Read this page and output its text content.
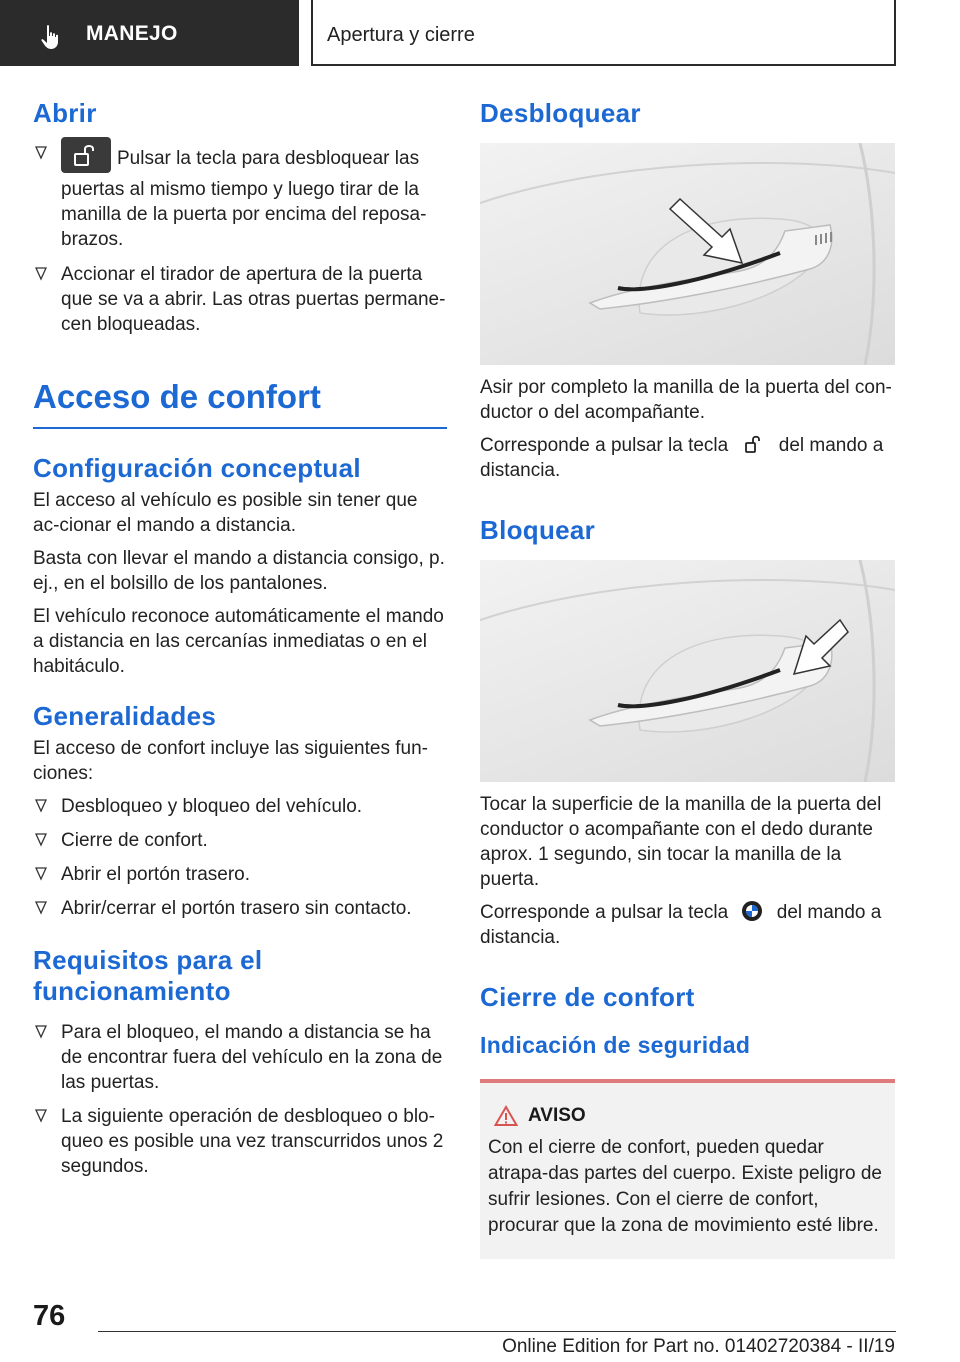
MANEJO	Apertura y cierre
Abrir
Pulsar la tecla para desbloquear las puertas al mismo tiempo y luego tirar de la manilla de la puerta por encima del reposa-brazos.
Accionar el tirador de apertura de la puerta que se va a abrir. Las otras puertas permane-cen bloqueadas.
Acceso de confort
Configuración conceptual

El acceso al vehículo es posible sin tener que ac-cionar el mando a distancia.

Basta con llevar el mando a distancia consigo, p. ej., en el bolsillo de los pantalones.

El vehículo reconoce automáticamente el mando a distancia en las cercanías inmediatas o en el habitáculo.

Generalidades

El acceso de confort incluye las siguientes fun-ciones:

Desbloqueo y bloqueo del vehículo.
Cierre de confort.
Abrir el portón trasero.
Abrir/cerrar el portón trasero sin contacto.
Requisitos para el funcionamiento
Para el bloqueo, el mando a distancia se ha de encontrar fuera del vehículo en la zona de las puertas.
La siguiente operación de desbloqueo o blo-queo es posible una vez transcurridos unos 2 segundos.
Desbloquear

Asir por completo la manilla de la puerta del con-ductor o del acompañante.

Corresponde a pulsar la tecla	del mando a distancia.

Bloquear

Tocar la superficie de la manilla de la puerta del conductor o acompañante con el dedo durante aprox. 1 segundo, sin tocar la manilla de la puerta.

Corresponde a pulsar la tecla	del mando a distancia.

Cierre de confort
Indicación de seguridad
AVISO

Con el cierre de confort, pueden quedar atrapa-das partes del cuerpo. Existe peligro de sufrir lesiones. Con el cierre de confort, procurar que la zona de movimiento esté libre.

76
Online Edition for Part no. 01402720384 - II/19
